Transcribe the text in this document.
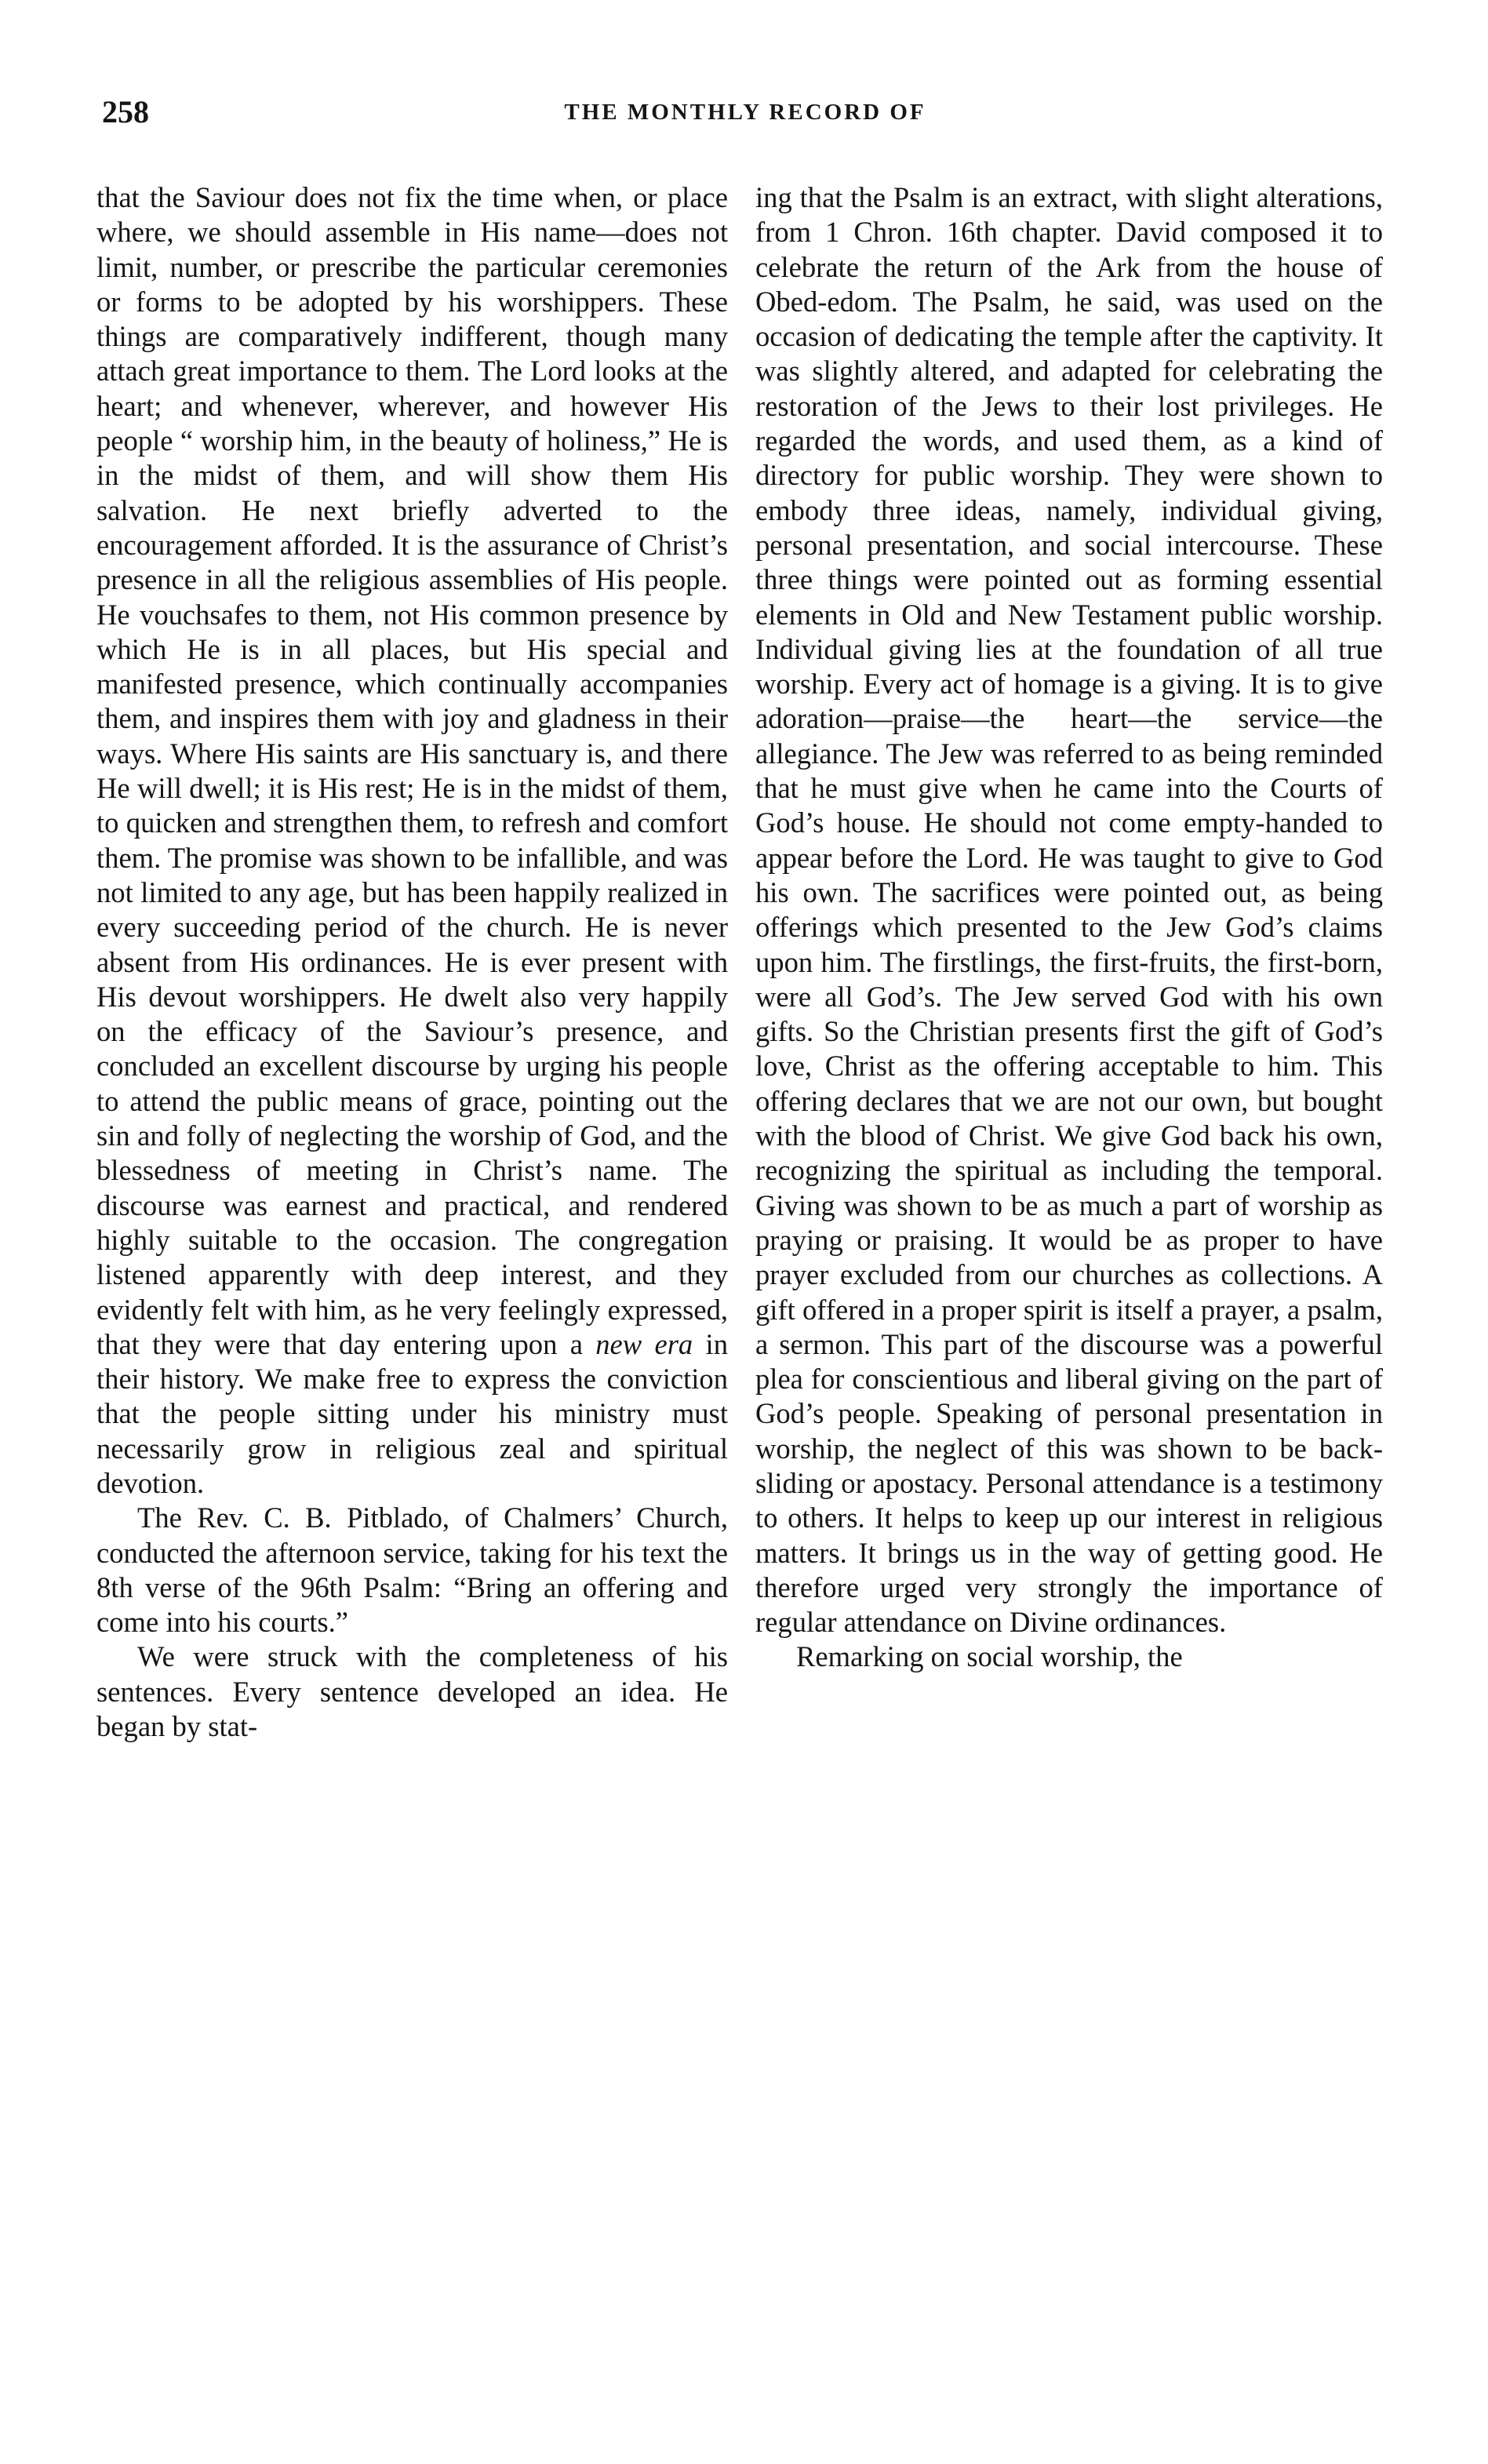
258	THE MONTHLY RECORD OF

that the Saviour does not fix the time when, or place where, we should assemble in His name—does not limit, number, or prescribe the particular ceremonies or forms to be adopted by his worshippers. These things are comparatively indifferent, though many attach great importance to them. The Lord looks at the heart; and whenever, wherever, and however His people “ worship him, in the beauty of holiness,” He is in the midst of them, and will show them His salvation. He next briefly adverted to the encouragement afforded. It is the assurance of Christ’s presence in all the religious assemblies of His people. He vouchsafes to them, not His common presence by which He is in all places, but His special and manifested presence, which continually accompanies them, and inspires them with joy and gladness in their ways. Where His saints are His sanctuary is, and there He will dwell; it is His rest; He is in the midst of them, to quicken and strengthen them, to refresh and comfort them. The promise was shown to be infallible, and was not limited to any age, but has been happily realized in every succeeding period of the church. He is never absent from His ordinances. He is ever present with His devout worshippers. He dwelt also very happily on the efficacy of the Saviour’s presence, and concluded an excellent discourse by urging his people to attend the public means of grace, pointing out the sin and folly of neglecting the worship of God, and the blessedness of meeting in Christ’s name. The discourse was earnest and practical, and rendered highly suitable to the occasion. The congregation listened apparently with deep interest, and they evidently felt with him, as he very feelingly expressed, that they were that day entering upon a new era in their history. We make free to express the conviction that the people sitting under his ministry must necessarily grow in religious zeal and spiritual devotion.

The Rev. C. B. Pitblado, of Chalmers’ Church, conducted the afternoon service, taking for his text the 8th verse of the 96th Psalm: “Bring an offering and come into his courts.”

We were struck with the completeness of his sentences. Every sentence developed an idea. He began by stat-

ing that the Psalm is an extract, with slight alterations, from 1 Chron. 16th chapter. David composed it to celebrate the return of the Ark from the house of Obed-edom. The Psalm, he said, was used on the occasion of dedicating the temple after the captivity. It was slightly altered, and adapted for celebrating the restoration of the Jews to their lost privileges. He regarded the words, and used them, as a kind of directory for public worship. They were shown to embody three ideas, namely, individual giving, personal presentation, and social intercourse. These three things were pointed out as forming essential elements in Old and New Testament public worship. Individual giving lies at the foundation of all true worship. Every act of homage is a giving. It is to give adoration—praise—the heart—the service—the allegiance. The Jew was referred to as being reminded that he must give when he came into the Courts of God’s house. He should not come empty-handed to appear before the Lord. He was taught to give to God his own. The sacrifices were pointed out, as being offerings which presented to the Jew God’s claims upon him. The firstlings, the first-fruits, the first-born, were all God’s. The Jew served God with his own gifts. So the Christian presents first the gift of God’s love, Christ as the offering acceptable to him. This offering declares that we are not our own, but bought with the blood of Christ. We give God back his own, recognizing the spiritual as including the temporal. Giving was shown to be as much a part of worship as praying or praising. It would be as proper to have prayer excluded from our churches as collections. A gift offered in a proper spirit is itself a prayer, a psalm, a sermon. This part of the discourse was a powerful plea for conscientious and liberal giving on the part of God’s people. Speaking of personal presentation in worship, the neglect of this was shown to be back-sliding or apostacy. Personal attendance is a testimony to others. It helps to keep up our interest in religious matters. It brings us in the way of getting good. He therefore urged very strongly the importance of regular attendance on Divine ordinances.

Remarking on social worship, the
